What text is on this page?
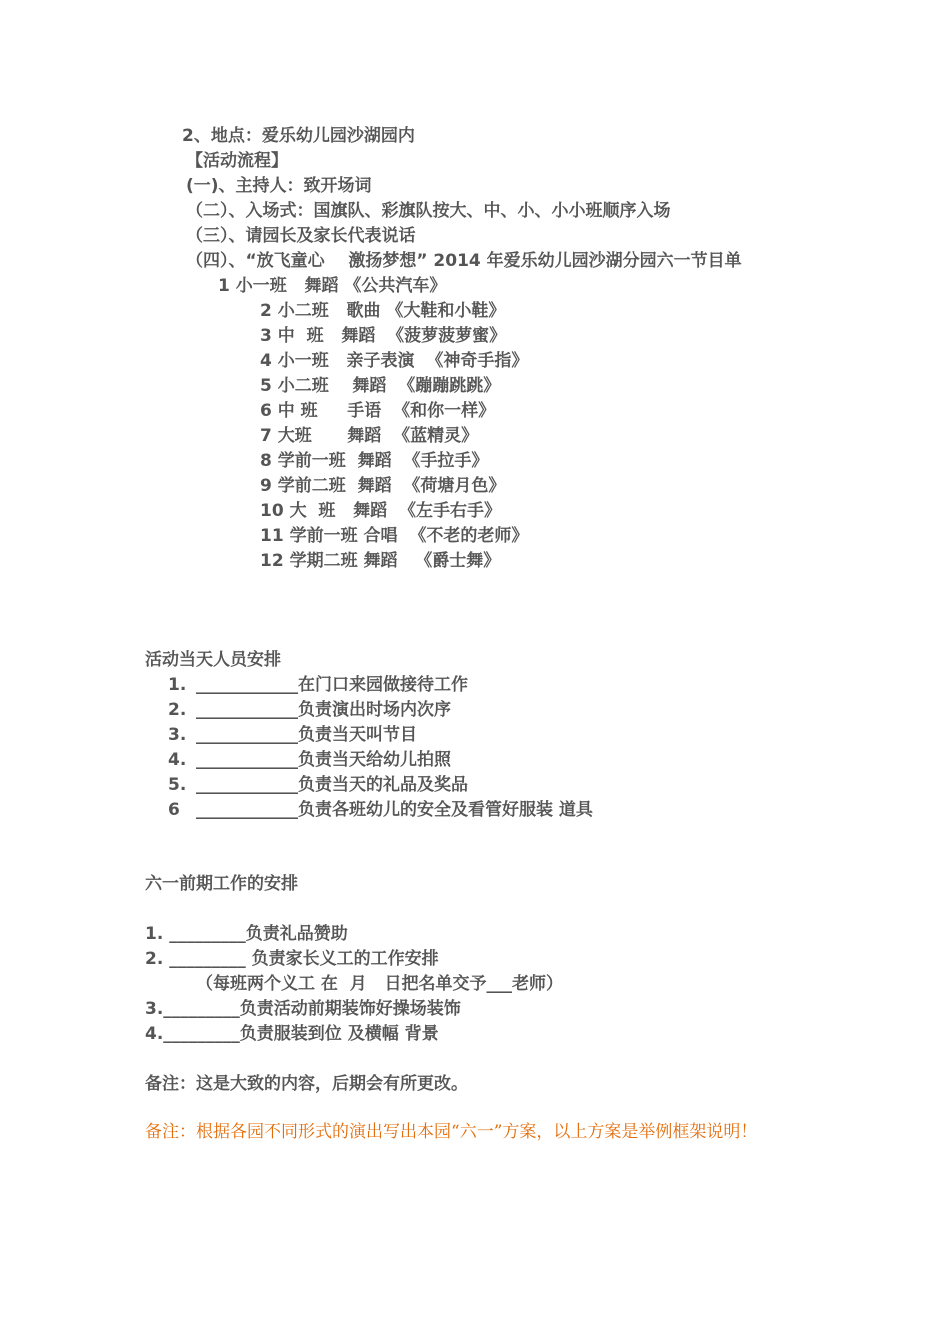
2、地点：爱乐幼儿园沙湖园内
【活动流程】
(一)、主持人：致开场词
（二）、入场式：国旗队、彩旗队按大、中、小、小小班顺序入场
（三）、请园长及家长代表说话
（四）、“放飞童心    激扬梦想” 2014 年爱乐幼儿园沙湖分园六一节目单
1 小一班   舞蹈 《公共汽车》
2 小二班   歌曲 《大鞋和小鞋》
3 中  班   舞蹈  《菠萝菠萝蜜》
4 小一班   亲子表演  《神奇手指》
5 小二班    舞蹈  《蹦蹦跳跳》
6 中 班     手语  《和你一样》
7 大班      舞蹈  《蓝精灵》
8 学前一班  舞蹈  《手拉手》
9 学前二班  舞蹈  《荷塘月色》
10 大  班   舞蹈  《左手右手》
11 学前一班 合唱  《不老的老师》
12 学期二班 舞蹈   《爵士舞》
活动当天人员安排
1. ____________在门口来园做接待工作
2. ____________负责演出时场内次序
3. ____________负责当天叫节目
4. ____________负责当天给幼儿拍照
5. ____________负责当天的礼品及奖品
6 ____________负责各班幼儿的安全及看管好服装 道具
六一前期工作的安排
1. _________负责礼品赞助
2. _________ 负责家长义工的工作安排
（每班两个义工 在  月   日把名单交予___老师）
3._________负责活动前期装饰好操场装饰
4._________负责服装到位 及横幅 背景
备注：这是大致的内容，后期会有所更改。
备注：根据各园不同形式的演出写出本园“六一”方案，以上方案是举例框架说明！
